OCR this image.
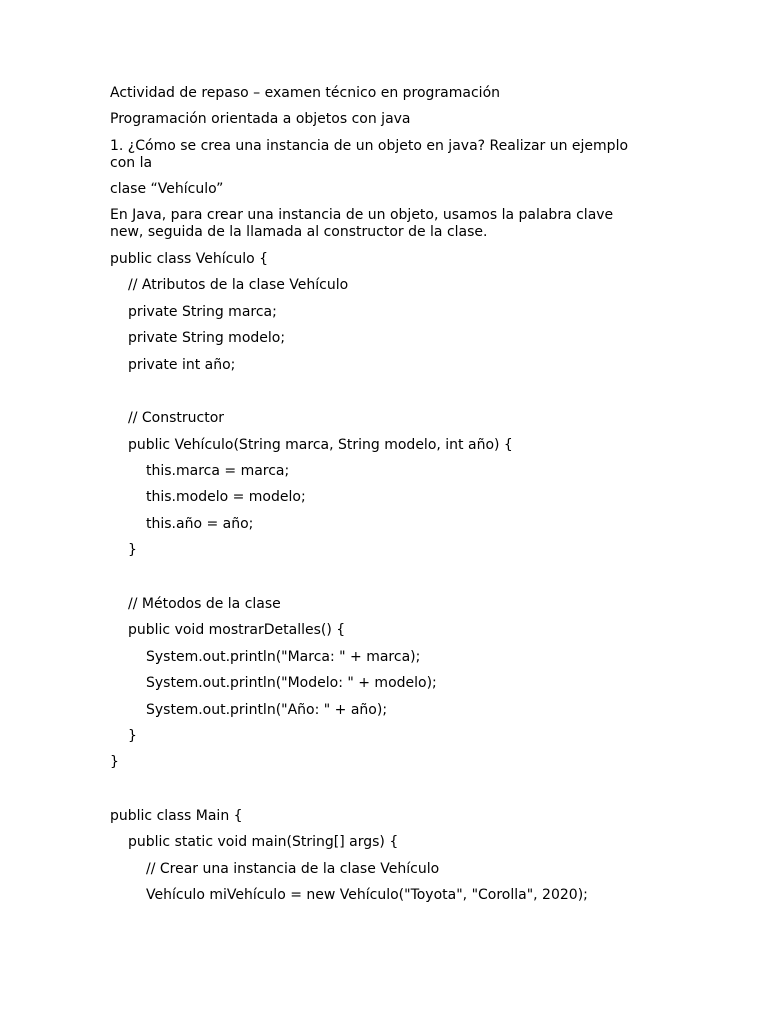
Actividad de repaso – examen técnico en programación
Programación orientada a objetos con java
1. ¿Cómo se crea una instancia de un objeto en java? Realizar un ejemplo con la
clase “Vehículo”
En Java, para crear una instancia de un objeto, usamos la palabra clave new, seguida de la llamada al constructor de la clase.
public class Vehículo {
// Atributos de la clase Vehículo
private String marca;
private String modelo;
private int año;
// Constructor
public Vehículo(String marca, String modelo, int año) {
this.marca = marca;
this.modelo = modelo;
this.año = año;
}
// Métodos de la clase
public void mostrarDetalles() {
System.out.println("Marca: " + marca);
System.out.println("Modelo: " + modelo);
System.out.println("Año: " + año);
}
}
public class Main {
public static void main(String[] args) {
// Crear una instancia de la clase Vehículo
Vehículo miVehículo = new Vehículo("Toyota", "Corolla", 2020);
